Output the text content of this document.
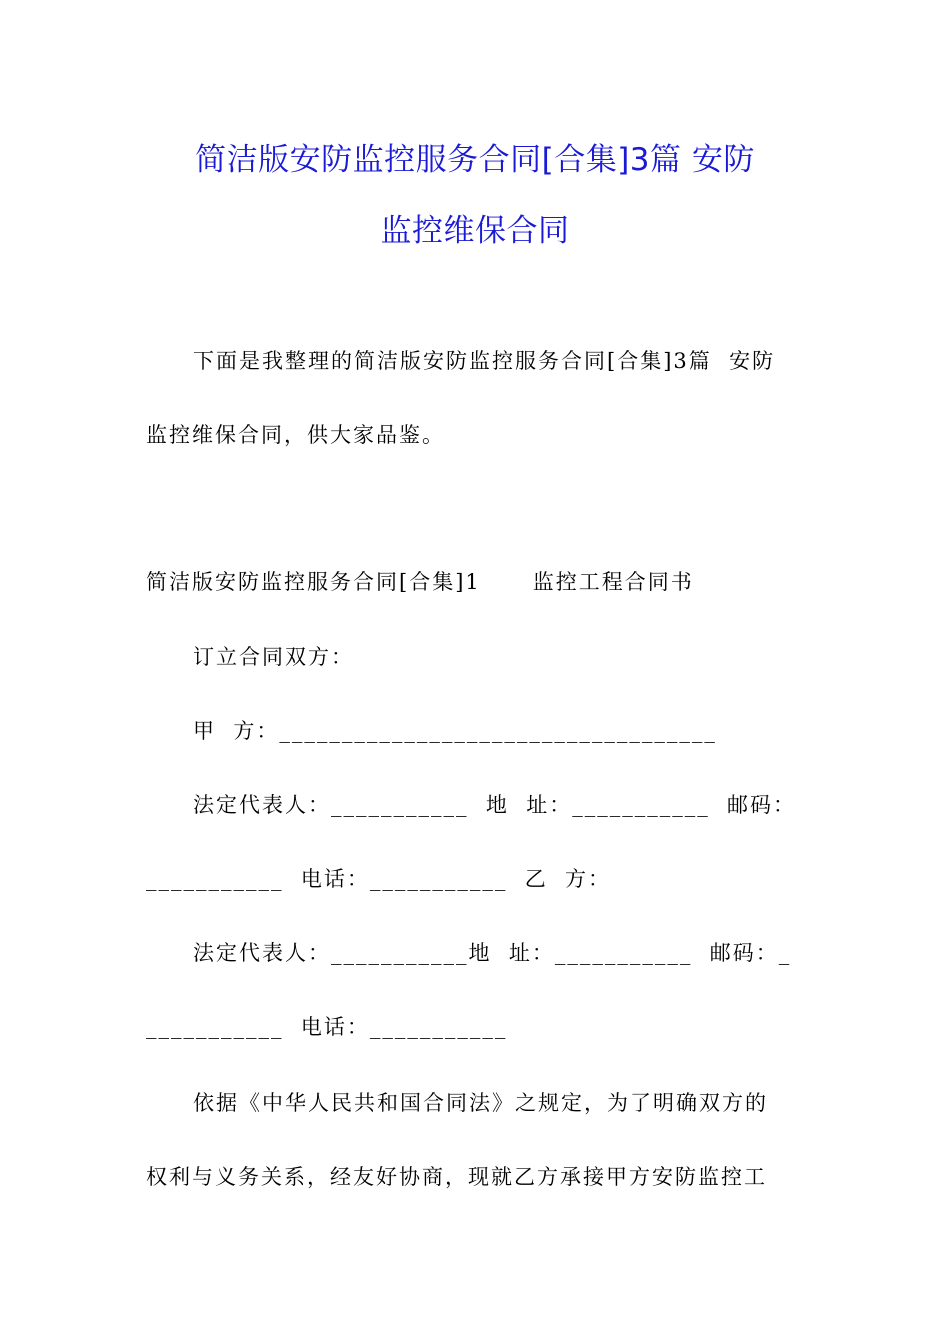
简洁版安防监控服务合同[合集]3篇 安防
监控维保合同
下面是我整理的简洁版安防监控服务合同[合集]3篇  安防
监控维保合同，供大家品鉴。
简洁版安防监控服务合同[合集]1      监控工程合同书
订立合同双方：
甲  方：___________________________________
法定代表人：___________  地  址：___________  邮码：
___________  电话：___________  乙  方：
法定代表人：___________地  址：___________  邮码：_
___________  电话：___________
依据《中华人民共和国合同法》之规定，为了明确双方的
权利与义务关系，经友好协商，现就乙方承接甲方安防监控工
